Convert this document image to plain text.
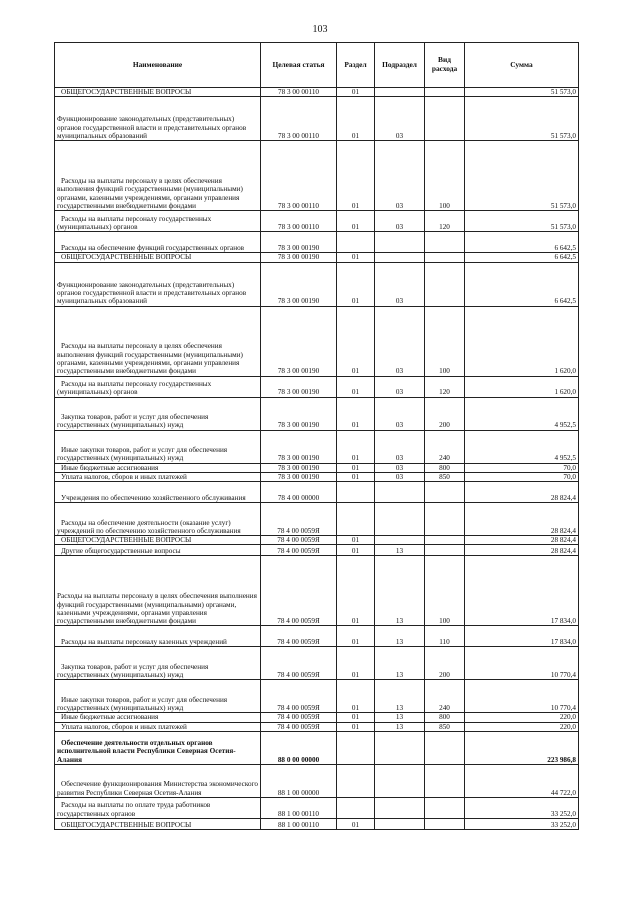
103
Наименование	Целевая статья	Раздел	Подраздел	Вид расхода	Сумма
ОБЩЕГОСУДАРСТВЕННЫЕ ВОПРОСЫ	78 3 00 00110	01			51 573,0
Функционирование законодательных (представительных) органов государственной власти и представительных органов муниципальных образований	78 3 00 00110	01	03		51 573,0
Расходы на выплаты персоналу в целях обеспечения выполнения функций государственными (муниципальными) органами, казенными учреждениями, органами управления государственными внебюджетными фондами	78 3 00 00110	01	03	100	51 573,0
Расходы на выплаты персоналу государственных (муниципальных) органов	78 3 00 00110	01	03	120	51 573,0
Расходы на обеспечение функций государственных органов	78 3 00 00190				6 642,5
ОБЩЕГОСУДАРСТВЕННЫЕ ВОПРОСЫ	78 3 00 00190	01			6 642,5
Функционирование законодательных (представительных) органов государственной власти и представительных органов муниципальных образований	78 3 00 00190	01	03		6 642,5
Расходы на выплаты персоналу в целях обеспечения выполнения функций государственными (муниципальными) органами, казенными учреждениями, органами управления государственными внебюджетными фондами	78 3 00 00190	01	03	100	1 620,0
Расходы на выплаты персоналу государственных (муниципальных) органов	78 3 00 00190	01	03	120	1 620,0
Закупка товаров, работ и услуг для обеспечения государственных (муниципальных) нужд	78 3 00 00190	01	03	200	4 952,5
Иные закупки товаров, работ и услуг для обеспечения государственных (муниципальных) нужд	78 3 00 00190	01	03	240	4 952,5
Иные бюджетные ассигнования	78 3 00 00190	01	03	800	70,0
Уплата налогов, сборов и иных платежей	78 3 00 00190	01	03	850	70,0
Учреждения по обеспечению хозяйственного обслуживания	78 4 00 00000				28 824,4
Расходы на обеспечение деятельности (оказание услуг) учреждений по обеспечению хозяйственного обслуживания	78 4 00 0059Я				28 824,4
ОБЩЕГОСУДАРСТВЕННЫЕ ВОПРОСЫ	78 4 00 0059Я	01			28 824,4
Другие общегосударственные вопросы	78 4 00 0059Я	01	13		28 824,4
Расходы на выплаты персоналу в целях обеспечения выполнения функций государственными (муниципальными) органами, казенными учреждениями, органами управления государственными внебюджетными фондами	78 4 00 0059Я	01	13	100	17 834,0
Расходы на выплаты персоналу казенных учреждений	78 4 00 0059Я	01	13	110	17 834,0
Закупка товаров, работ и услуг для обеспечения государственных (муниципальных) нужд	78 4 00 0059Я	01	13	200	10 770,4
Иные закупки товаров, работ и услуг для обеспечения государственных (муниципальных) нужд	78 4 00 0059Я	01	13	240	10 770,4
Иные бюджетные ассигнования	78 4 00 0059Я	01	13	800	220,0
Уплата налогов, сборов и иных платежей	78 4 00 0059Я	01	13	850	220,0
Обеспечение деятельности отдельных органов исполнительной власти Республики Северная Осетия-Алания	88 0 00 00000				223 986,8
Обеспечение функционирования Министерства экономического развития Республики Северная Осетия-Алания	88 1 00 00000				44 722,0
Расходы на выплаты по оплате труда работников государственных органов	88 1 00 00110				33 252,0
ОБЩЕГОСУДАРСТВЕННЫЕ ВОПРОСЫ	88 1 00 00110	01			33 252,0
